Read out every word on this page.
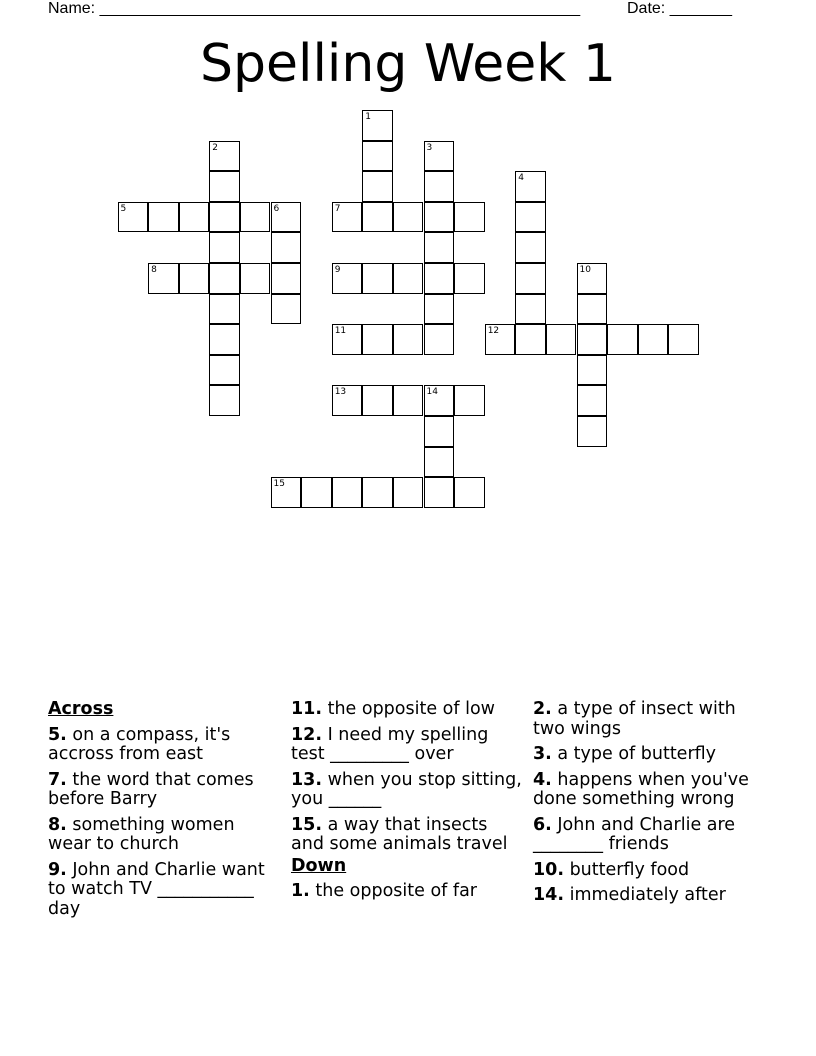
Name: ______________________________________________________	Date: _______
Spelling Week 1
1
2	3
4
5	6	7
8	9	10
11	12
13	14
15
Across
5. on a compass, it's accross from east
7. the word that comes before Barry
8. something women wear to church
9. John and Charlie want to watch TV ___________ day
11. the opposite of low
12. I need my spelling test _________ over
13. when you stop sitting, you ______
15. a way that insects and some animals travel
Down
1. the opposite of far
2. a type of insect with two wings
3. a type of butterfly
4. happens when you've done something wrong
6. John and Charlie are ________ friends
10. butterfly food
14. immediately after
